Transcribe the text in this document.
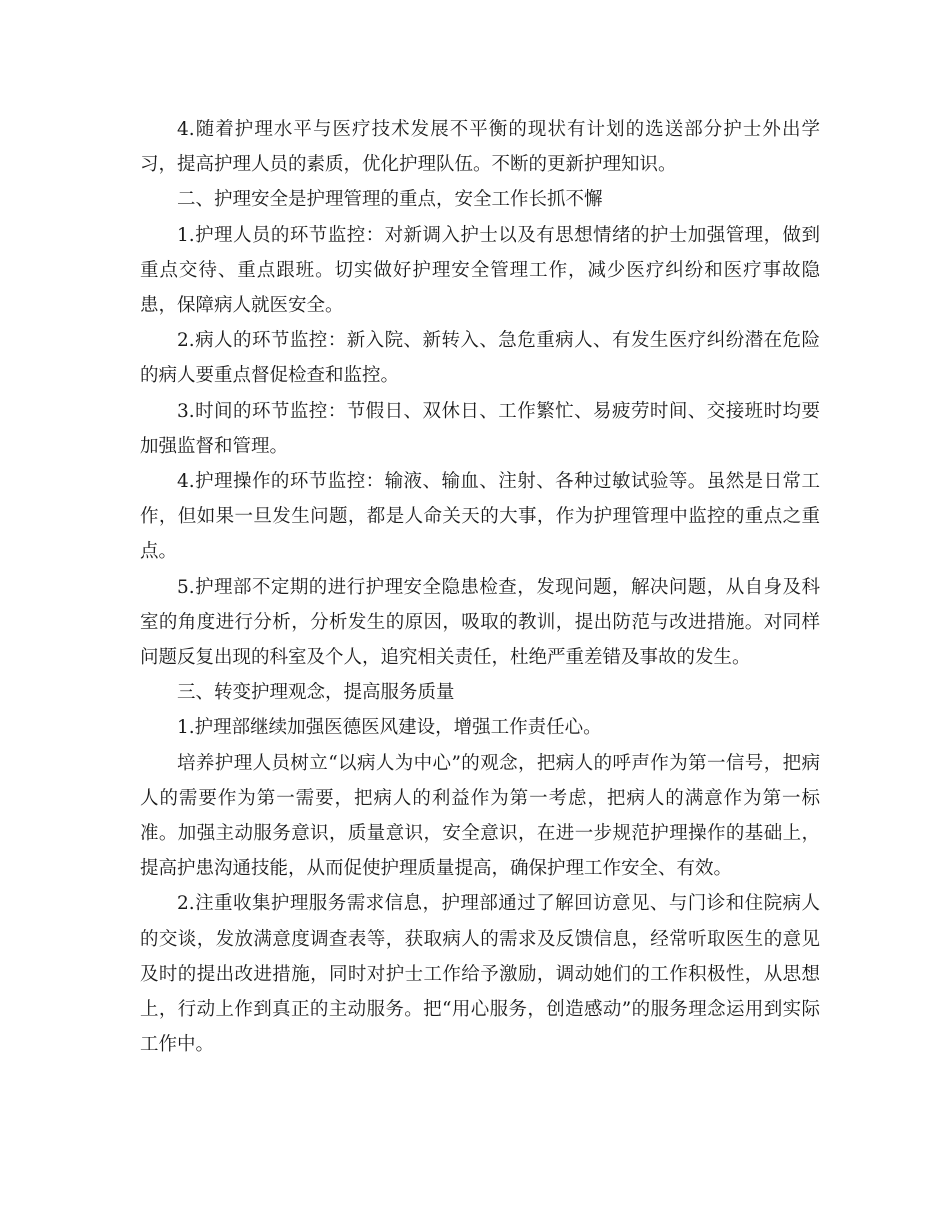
4.随着护理水平与医疗技术发展不平衡的现状有计划的选送部分护士外出学习，提高护理人员的素质，优化护理队伍。不断的更新护理知识。

二、护理安全是护理管理的重点，安全工作长抓不懈

1.护理人员的环节监控：对新调入护士以及有思想情绪的护士加强管理，做到重点交待、重点跟班。切实做好护理安全管理工作，减少医疗纠纷和医疗事故隐患，保障病人就医安全。

2.病人的环节监控：新入院、新转入、急危重病人、有发生医疗纠纷潜在危险的病人要重点督促检查和监控。

3.时间的环节监控：节假日、双休日、工作繁忙、易疲劳时间、交接班时均要加强监督和管理。

4.护理操作的环节监控：输液、输血、注射、各种过敏试验等。虽然是日常工作，但如果一旦发生问题，都是人命关天的大事，作为护理管理中监控的重点之重点。

5.护理部不定期的进行护理安全隐患检查，发现问题，解决问题，从自身及科室的角度进行分析，分析发生的原因，吸取的教训，提出防范与改进措施。对同样问题反复出现的科室及个人，追究相关责任，杜绝严重差错及事故的发生。

三、转变护理观念，提高服务质量

1.护理部继续加强医德医风建设，增强工作责任心。

培养护理人员树立“以病人为中心”的观念，把病人的呼声作为第一信号，把病人的需要作为第一需要，把病人的利益作为第一考虑，把病人的满意作为第一标准。加强主动服务意识，质量意识，安全意识，在进一步规范护理操作的基础上，提高护患沟通技能，从而促使护理质量提高，确保护理工作安全、有效。

2.注重收集护理服务需求信息，护理部通过了解回访意见、与门诊和住院病人的交谈，发放满意度调查表等，获取病人的需求及反馈信息，经常听取医生的意见及时的提出改进措施，同时对护士工作给予激励，调动她们的工作积极性，从思想上，行动上作到真正的主动服务。把“用心服务，创造感动”的服务理念运用到实际工作中。
